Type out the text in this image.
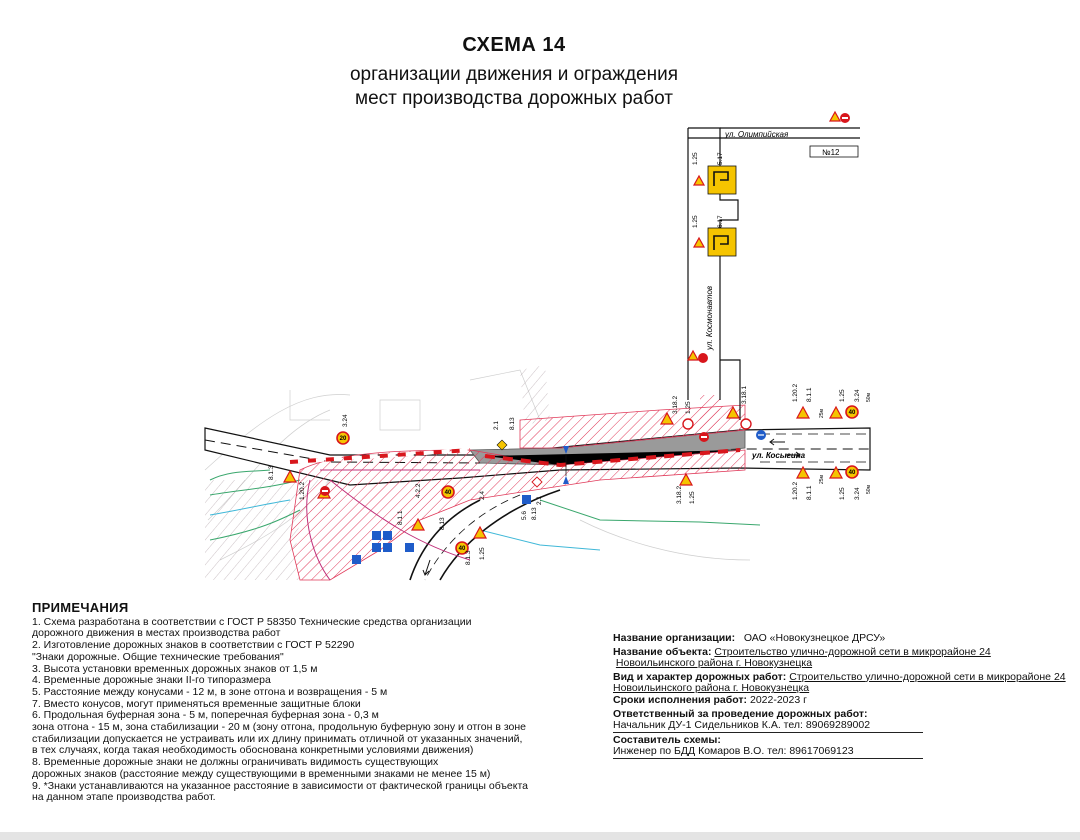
СХЕМА 14
организации движения и ограждения
мест производства дорожных работ
ул. Олимпийская
ул. Космонавтов
ул. Косыгина
№12
20
40
40
40
40
1.25	5.17
1.25	6.17
3.24
1.20.2 8.1.1	1.25 3.24
1.20.2 8.1.1	1.25 3.24
2.1 8.13
2.4
5.6
3.18.2 1.25
3.18.1
3.18.2 1.25
1.20.2
8.1.3
8.13
1.25
8.1.1
8.1.3
4.2.2
2.1
8.13
25м
50м
25м
50м
ПРИМЕЧАНИЯ
1. Схема разработана в соответствии с ГОСТ Р 58350 Технические средства организации
дорожного движения в местах производства работ
2. Изготовление дорожных знаков в соответствии с ГОСТ Р 52290
"Знаки дорожные. Общие технические требования"
3. Высота установки временных дорожных знаков от 1,5 м
4. Временные дорожные знаки II-го типоразмера
5. Расстояние между конусами - 12 м, в зоне отгона и возвращения - 5 м
7. Вместо конусов, могут применяться временные защитные блоки
6. Продольная буферная зона - 5 м, поперечная буферная зона - 0,3 м
зона отгона - 15 м, зона стабилизации - 20 м (зону отгона, продольную буферную зону и отгон в зоне
стабилизации допускается не устраивать или их длину принимать отличной от указанных значений,
в тех случаях, когда такая необходимость обоснована конкретными условиями движения)
8. Временные дорожные знаки не должны ограничивать видимость существующих
дорожных знаков (расстояние между существующими в временными знаками не менее 15 м)
9. *Знаки устанавливаются на указанное расстояние в зависимости от фактической границы объекта
на данном этапе производства работ.
Название организации: ОАО «Новокузнецкое ДРСУ»
Название объекта: Строительство улично-дорожной сети в микрорайоне 24
Новоильинского района г. Новокузнецка
Вид и характер дорожных работ: Строительство улично-дорожной сети в микрорайоне 24
Новоильинского района г. Новокузнецка
Сроки исполнения работ: 2022-2023 г
Ответственный за проведение дорожных работ:
Начальник ДУ-1 Сидельников К.А. тел: 89069289002
Составитель схемы:
Инженер по БДД Комаров В.О. тел: 89617069123
